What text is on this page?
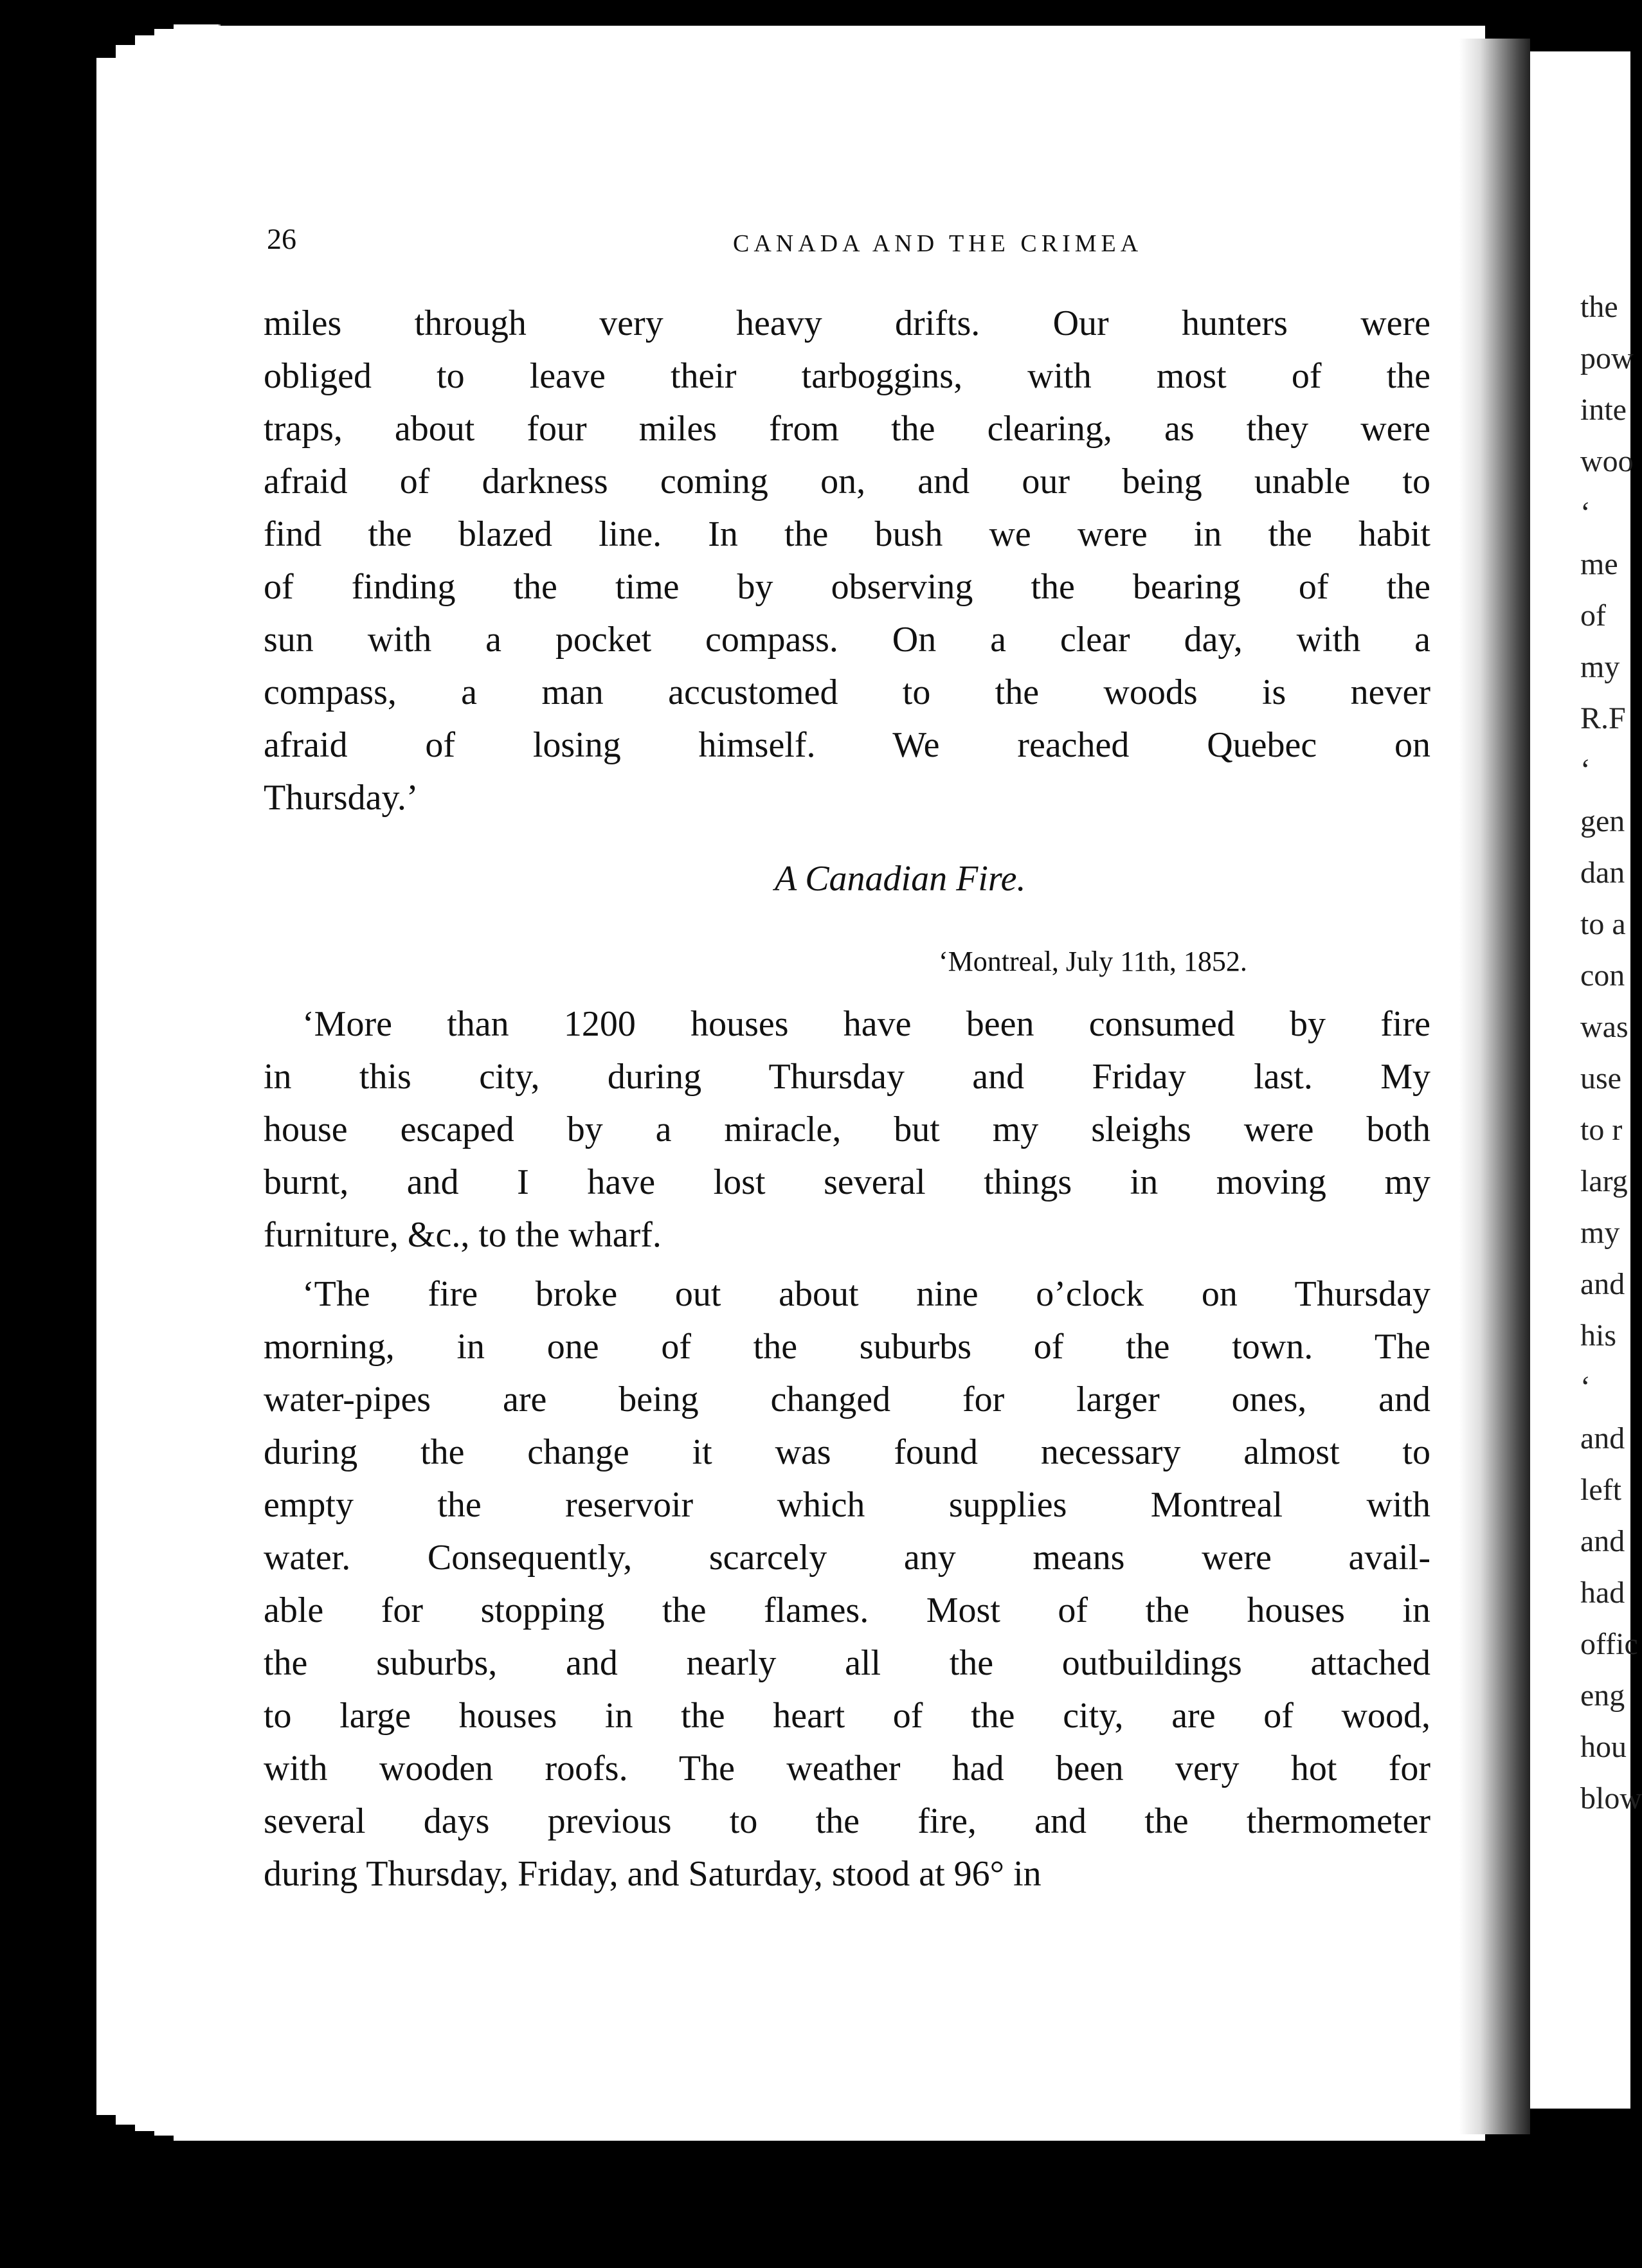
the

pow

inte

woo

‘

me

of

my

R.F

‘

gen

dan

to a

con

was

use

to r

larg

my

and

his

‘

and

left

and

had

offic

eng

hou

blow

26	CANADA AND THE CRIMEA

miles through very heavy drifts. Our hunters were

obliged to leave their tarboggins, with most of the

traps, about four miles from the clearing, as they were

afraid of darkness coming on, and our being unable to

find the blazed line. In the bush we were in the habit

of finding the time by observing the bearing of the

sun with a pocket compass. On a clear day, with a

compass, a man accustomed to the woods is never

afraid of losing himself. We reached Quebec on

Thursday.’

‘More than 1200 houses have been consumed by fire

in this city, during Thursday and Friday last. My

house escaped by a miracle, but my sleighs were both

burnt, and I have lost several things in moving my

furniture, &c., to the wharf.

‘The fire broke out about nine o’clock on Thursday

morning, in one of the suburbs of the town. The

water-pipes are being changed for larger ones, and

during the change it was found necessary almost to

empty the reservoir which supplies Montreal with

water. Consequently, scarcely any means were avail-

able for stopping the flames. Most of the houses in

the suburbs, and nearly all the outbuildings attached

to large houses in the heart of the city, are of wood,

with wooden roofs. The weather had been very hot for

several days previous to the fire, and the thermometer

during Thursday, Friday, and Saturday, stood at 96° in

A Canadian Fire.

‘Montreal, July 11th, 1852.
